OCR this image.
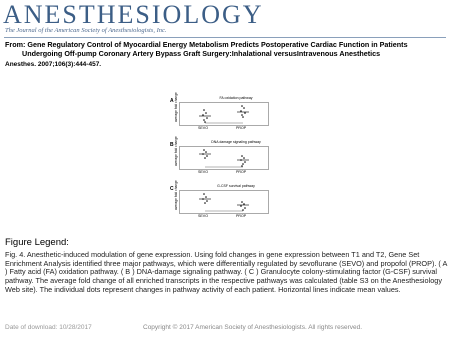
ANESTHESIOLOGY
The Journal of the American Society of Anesthesiologists, Inc.
From: Gene Regulatory Control of Myocardial Energy Metabolism Predicts Postoperative Cardiac Function in Patients
Undergoing Off-pump Coronary Artery Bypass Graft Surgery:Inhalational versusIntravenous Anesthetics
Anesthes. 2007;106(3):444-457.
A	FA oxidation pathway
average fold change
SEVO	PROP
B	DNA damage signaling pathway
average fold change
SEVO	PROP
C	G-CSF survival pathway
average fold change
SEVO	PROP
Figure Legend:
Fig. 4. Anesthetic-induced modulation of gene expression. Using fold changes in gene expression between T1 and T2, Gene Set Enrichment Analysis identified three major pathways, which were differentially regulated by sevoflurane (SEVO) and propofol (PROP). ( A ) Fatty acid (FA) oxidation pathway. ( B ) DNA-damage signaling pathway. ( C ) Granulocyte colony-stimulating factor (G-CSF) survival pathway. The average fold change of all enriched transcripts in the respective pathways was calculated (table S3 on the Anesthesiology Web site). The individual dots represent changes in pathway activity of each patient. Horizontal lines indicate mean values.
Date of download: 10/28/2017	Copyright © 2017 American Society of Anesthesiologists. All rights reserved.
